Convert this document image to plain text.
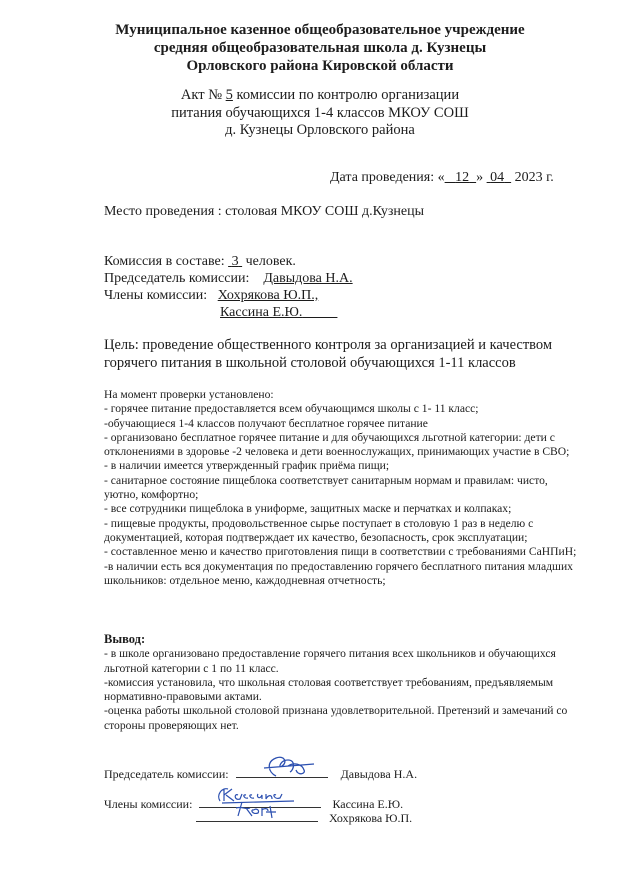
Муниципальное казенное общеобразовательное учреждение
средняя общеобразовательная школа д. Кузнецы
Орловского района Кировской области
Акт № 5 комиссии по контролю организации
питания обучающихся 1-4 классов МКОУ СОШ
д. Кузнецы Орловского района
Дата проведения: « 12 »  04   2023 г.
Место проведения : столовая МКОУ СОШ д.Кузнецы
Комиссия в составе:  3  человек.
Председатель комиссии:    Давыдова Н.А.
Члены комиссии:   Хохрякова Ю.П.,
Кассина Е.Ю.
Цель: проведение общественного контроля за организацией и качеством горячего питания в школьной столовой обучающихся 1-11 классов

На момент проверки установлено:

- горячее питание предоставляется всем обучающимся школы с 1- 11 класс;

-обучающиеся 1-4 классов получают бесплатное горячее питание

- организовано бесплатное горячее питание и для обучающихся льготной категории: дети с отклонениями в здоровье -2 человека и дети военнослужащих, принимающих участие в СВО;

- в наличии имеется утвержденный график приёма пищи;

- санитарное состояние пищеблока соответствует санитарным нормам и правилам: чисто, уютно, комфортно;

- все сотрудники пищеблока в униформе, защитных маске и перчатках и колпаках;

- пищевые продукты, продовольственное сырье поступает в столовую 1 раз в неделю с документацией, которая подтверждает их качество, безопасность, срок эксплуатации;

- составленное меню и качество приготовления пищи в соответствии с требованиями СаНПиН;

-в наличии есть вся документация по предоставлению горячего бесплатного питания младших школьников: отдельное меню, каждодневная отчетность;

Вывод:

- в школе организовано предоставление горячего питания всех школьников и обучающихся льготной категории с 1 по 11 класс.

-комиссия установила, что школьная столовая соответствует требованиям, предъявляемым нормативно-правовыми актами.

-оценка работы школьной столовой признана удовлетворительной. Претензий и замечаний со стороны проверяющих нет.

Председатель комиссии:	Давыдова Н.А.
Члены комиссии:	Кассина Е.Ю.
Хохрякова Ю.П.
